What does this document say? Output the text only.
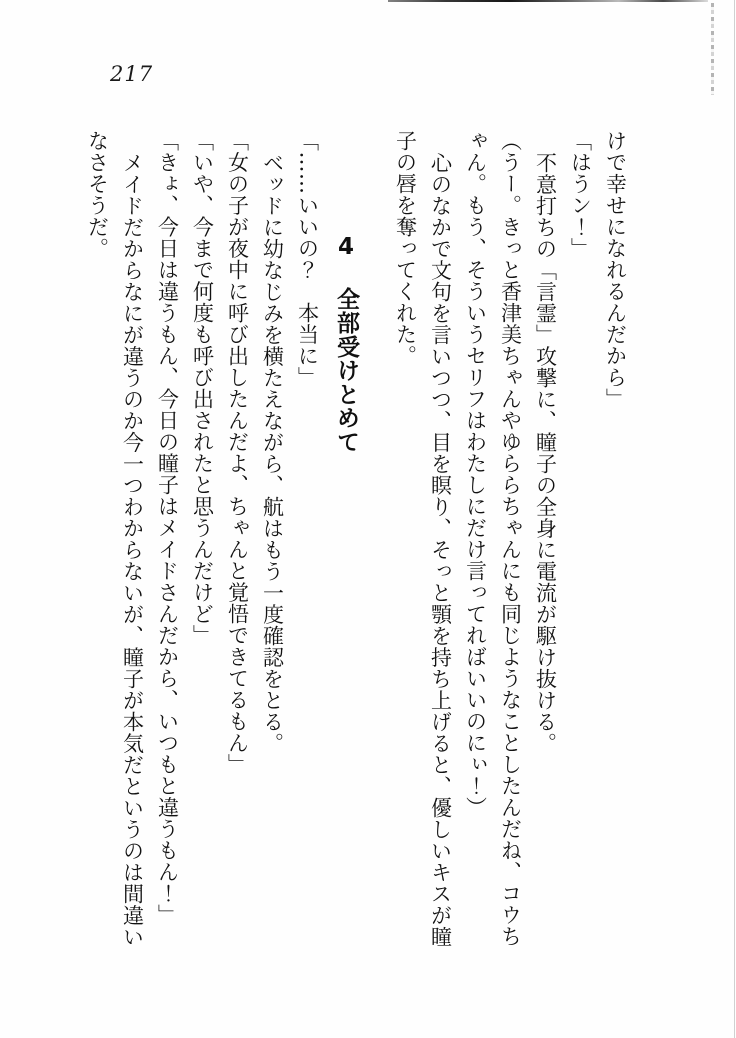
217
けで幸せになれるんだから」
「はうン！」
不意打ちの「言霊」攻撃に、瞳子の全身に電流が駆け抜ける。
（うー。きっと香津美ちゃんやゆららちゃんにも同じようなことしたんだね、コウち
ゃん。もう、そういうセリフはわたしにだけ言ってればいいのにぃ！）
心のなかで文句を言いつつ、目を瞑り、そっと顎を持ち上げると、優しいキスが瞳
子の唇を奪ってくれた。
4全部受けとめて
「……いいの？　本当に」
ベッドに幼なじみを横たえながら、航はもう一度確認をとる。
「女の子が夜中に呼び出したんだよ、ちゃんと覚悟できてるもん」
「いや、今まで何度も呼び出されたと思うんだけど」
「きょ、今日は違うもん、今日の瞳子はメイドさんだから、いつもと違うもん！」
メイドだからなにが違うのか今一つわからないが、瞳子が本気だというのは間違い
なさそうだ。
